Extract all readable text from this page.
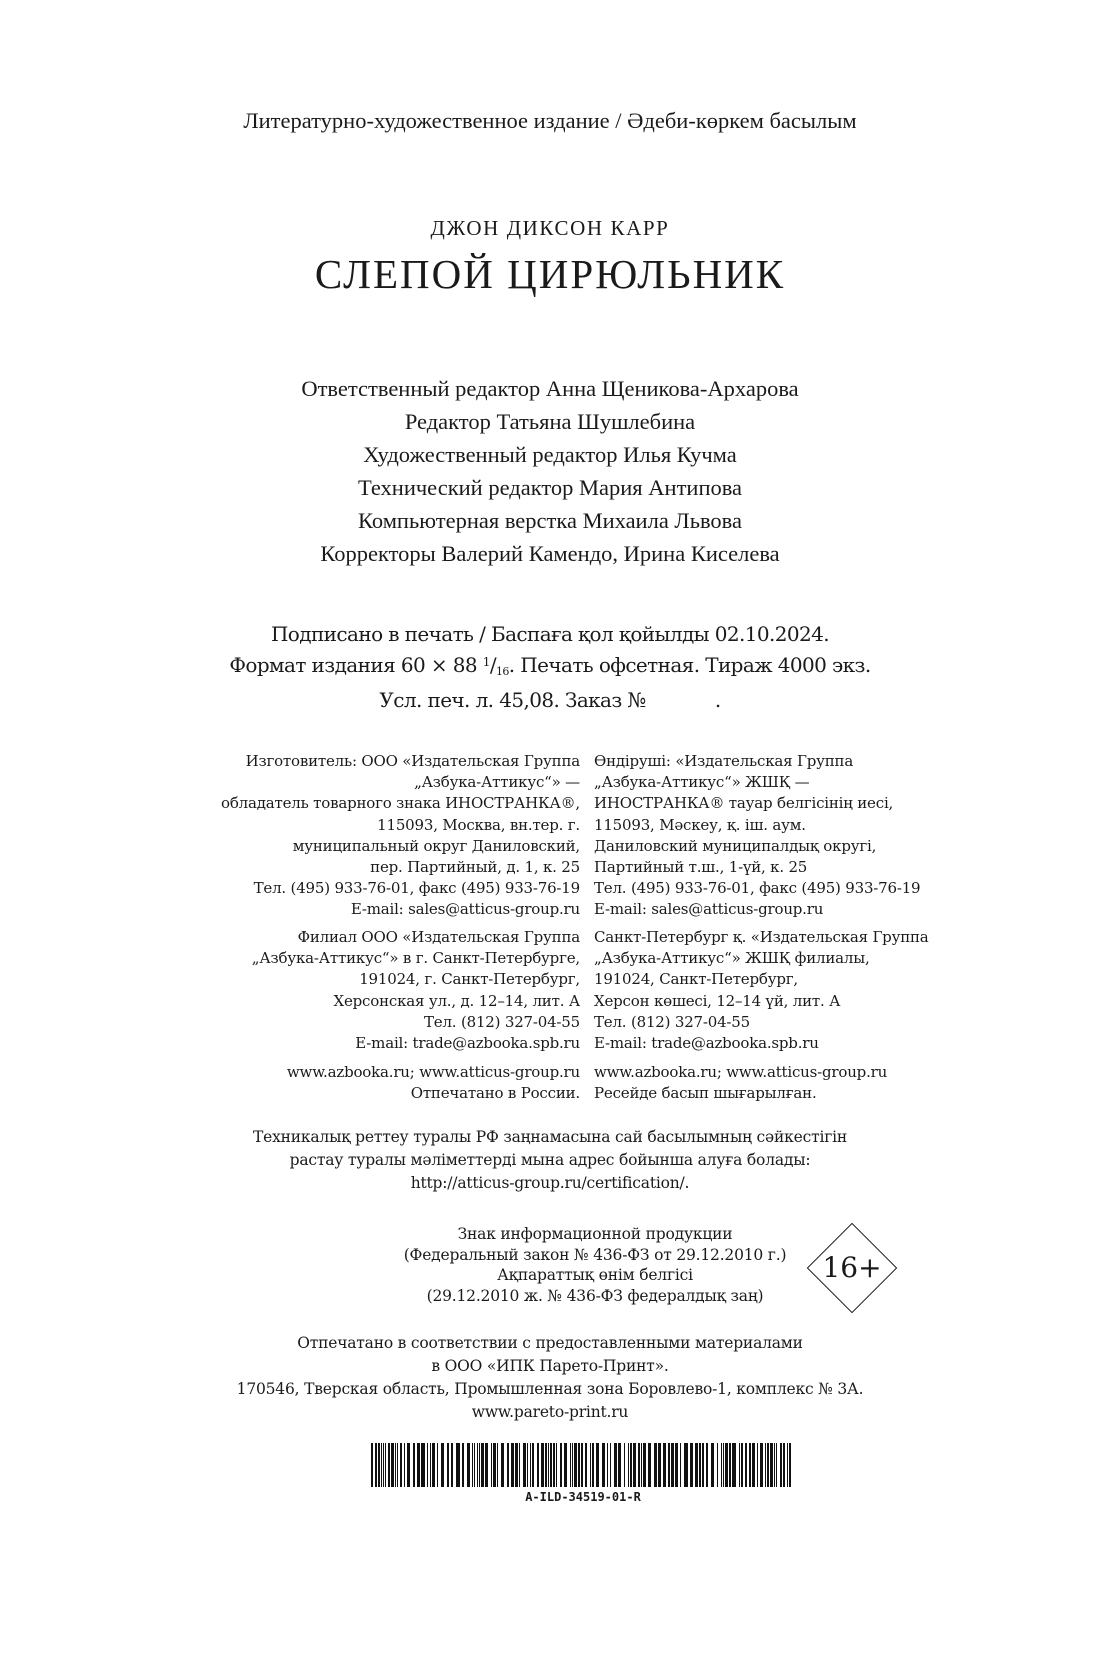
Литературно-художественное издание / Әдеби-көркем басылым
ДЖОН ДИКСОН КАРР
СЛЕПОЙ ЦИРЮЛЬНИК
Ответственный редактор Анна Щеникова-Архарова
Редактор Татьяна Шушлебина
Художественный редактор Илья Кучма
Технический редактор Мария Антипова
Компьютерная верстка Михаила Львова
Корректоры Валерий Камендо, Ирина Киселева
Подписано в печать / Баспаға қол қойылды 02.10.2024.
Формат издания 60 × 88 $^1/_{16}$. Печать офсетная. Тираж 4000 экз.
Усл. печ. л. 45,08. Заказ №            .
Изготовитель: ООО «Издательская Группа
„Азбука-Аттикус“» —
обладатель товарного знака ИНОСТРАНКА®,
115093, Москва, вн.тер. г.
муниципальный округ Даниловский,
пер. Партийный, д. 1, к. 25
Тел. (495) 933-76-01, факс (495) 933-76-19
E-mail: sales@atticus-group.ru
Өндіруші: «Издательская Группа
„Азбука-Аттикус“» ЖШҚ —
ИНОСТРАНКА® тауар белгісінің иесі,
115093, Мәскеу, қ. іш. аум.
Даниловский муниципалдық округі,
Партийный т.ш., 1-үй, к. 25
Тел. (495) 933-76-01, факс (495) 933-76-19
E-mail: sales@atticus-group.ru
Филиал ООО «Издательская Группа
„Азбука-Аттикус“» в г. Санкт-Петербурге,
191024, г. Санкт-Петербург,
Херсонская ул., д. 12–14, лит. А
Тел. (812) 327-04-55
E-mail: trade@azbooka.spb.ru
Санкт-Петербург қ. «Издательская Группа
„Азбука-Аттикус“» ЖШҚ филиалы,
191024, Санкт-Петербург,
Херсон көшесі, 12–14 үй, лит. А
Тел. (812) 327-04-55
E-mail: trade@azbooka.spb.ru
www.azbooka.ru; www.atticus-group.ru
Отпечатано в России.
www.azbooka.ru; www.atticus-group.ru
Ресейде басып шығарылған.
Техникалық реттеу туралы РФ заңнамасына сай басылымның сәйкестігін
растау туралы мәліметтерді мына адрес бойынша алуға болады:
http://atticus-group.ru/certification/.
Знак информационной продукции
(Федеральный закон № 436-ФЗ от 29.12.2010 г.)
Ақпараттық өнім белгісі
(29.12.2010 ж. № 436-ФЗ федералдық заң)
16+
Отпечатано в соответствии с предоставленными материалами
в ООО «ИПК Парето-Принт».
170546, Тверская область, Промышленная зона Боровлево-1, комплекс № 3А.
www.pareto-print.ru
A-ILD-34519-01-R
